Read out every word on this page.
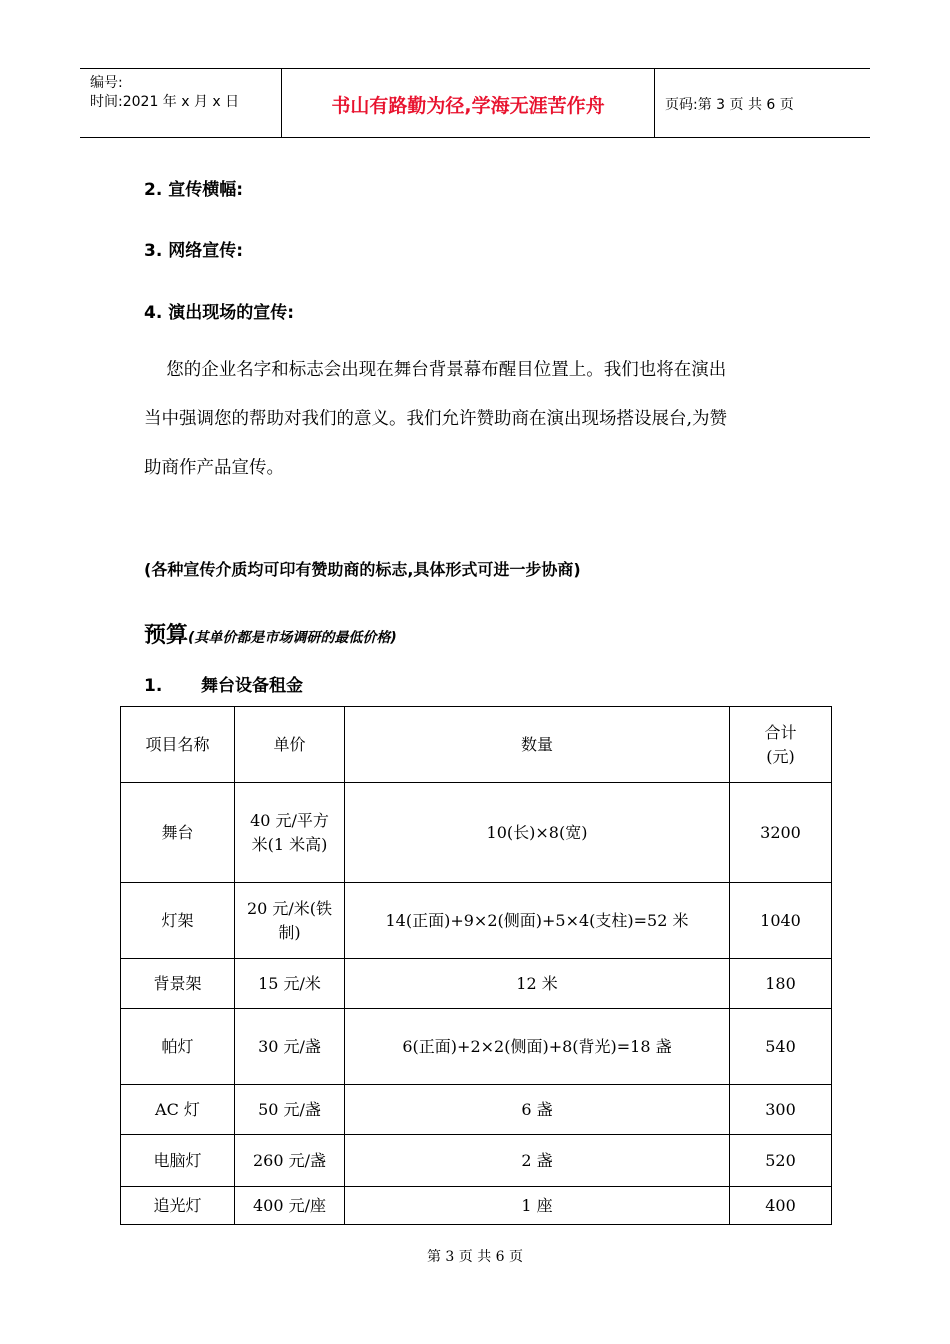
编号:
时间:2021 年 x 月 x 日	书山有路勤为径,学海无涯苦作舟	页码:第 3 页 共 6 页
2. 宣传横幅:
3. 网络宣传:
4. 演出现场的宣传:
您的企业名字和标志会出现在舞台背景幕布醒目位置上。我们也将在演出
当中强调您的帮助对我们的意义。我们允许赞助商在演出现场搭设展台,为赞
助商作产品宣传。
(各种宣传介质均可印有赞助商的标志,具体形式可进一步协商)
预算(其单价都是市场调研的最低价格)
1. 舞台设备租金
项目名称	单价	数量	合计
(元)
舞台	40 元/平方米(1 米高)	10(长)×8(宽)	3200
灯架	20 元/米(铁制)	14(正面)+9×2(侧面)+5×4(支柱)=52 米	1040
背景架	15 元/米	12 米	180
帕灯	30 元/盏	6(正面)+2×2(侧面)+8(背光)=18 盏	540
AC 灯	50 元/盏	6 盏	300
电脑灯	260 元/盏	2 盏	520
追光灯	400 元/座	1 座	400
第 3 页 共 6 页
